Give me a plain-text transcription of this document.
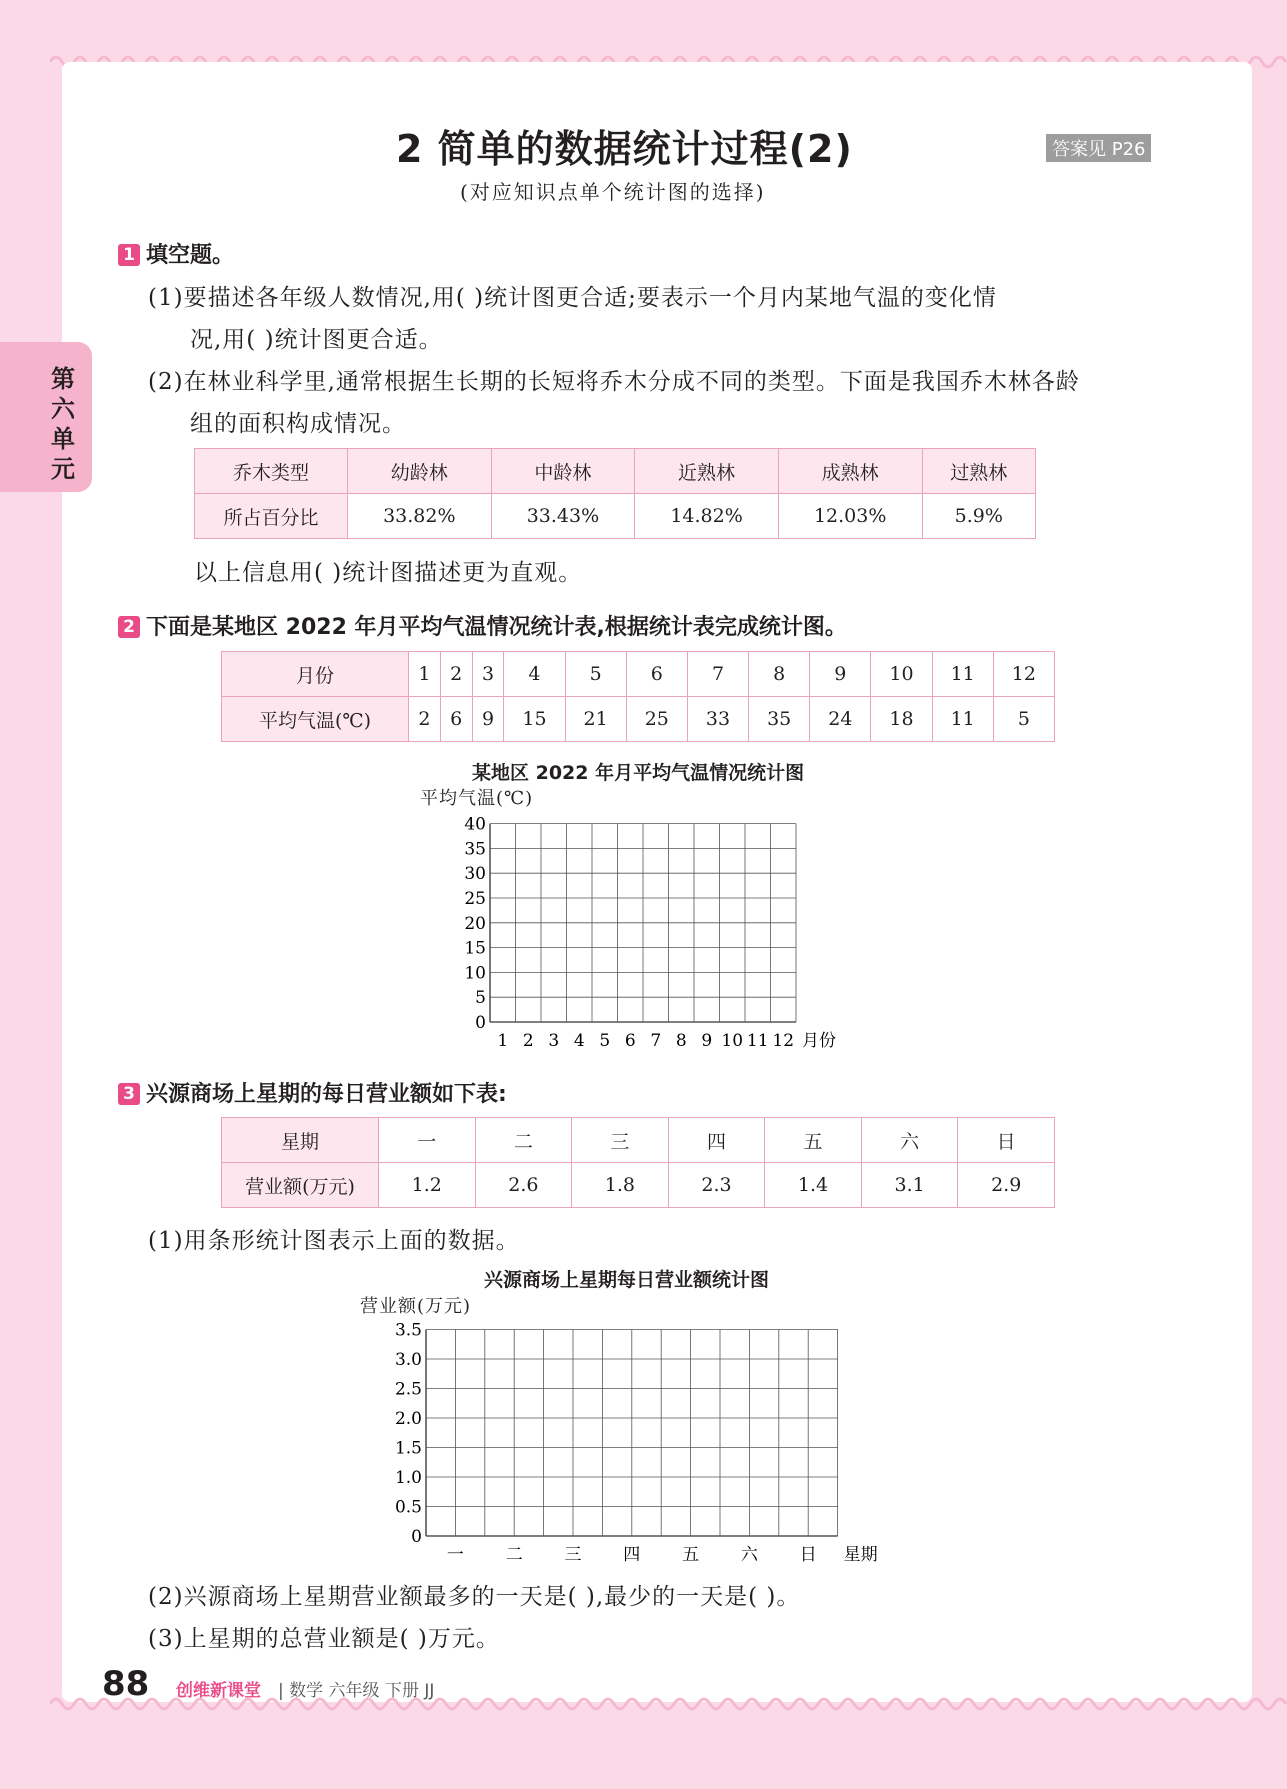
第六单元
2 简单的数据统计过程(2)	答案见 P26
(对应知识点单个统计图的选择)
1 填空题。
(1)要描述各年级人数情况,用( )统计图更合适;要表示一个月内某地气温的变化情
况,用( )统计图更合适。
(2)在林业科学里,通常根据生长期的长短将乔木分成不同的类型。下面是我国乔木林各龄
组的面积构成情况。
乔木类型	幼龄林	中龄林	近熟林	成熟林	过熟林
所占百分比	33.82%	33.43%	14.82%	12.03%	5.9%
以上信息用( )统计图描述更为直观。
2 下面是某地区 2022 年月平均气温情况统计表,根据统计表完成统计图。
月份	1	2	3	4	5	6	7	8	9	10	11	12
平均气温(℃)	2	6	9	15	21	25	33	35	24	18	11	5
某地区 2022 年月平均气温情况统计图
平均气温(℃)
0
5
10
15
20
25
30
35
40
1 2 3 4 5 6 7 8 9 10 11 12 月份
3 兴源商场上星期的每日营业额如下表:
星期	一	二	三	四	五	六	日
营业额(万元)	1.2	2.6	1.8	2.3	1.4	3.1	2.9
(1)用条形统计图表示上面的数据。
兴源商场上星期每日营业额统计图
营业额(万元)
0
0.5
1.0
1.5
2.0
2.5
3.0
3.5
一 二 三 四 五 六 日 星期
(2)兴源商场上星期营业额最多的一天是( ),最少的一天是( )。
(3)上星期的总营业额是( )万元。
88 创维新课堂 | 数学 六年级 下册 JJ
